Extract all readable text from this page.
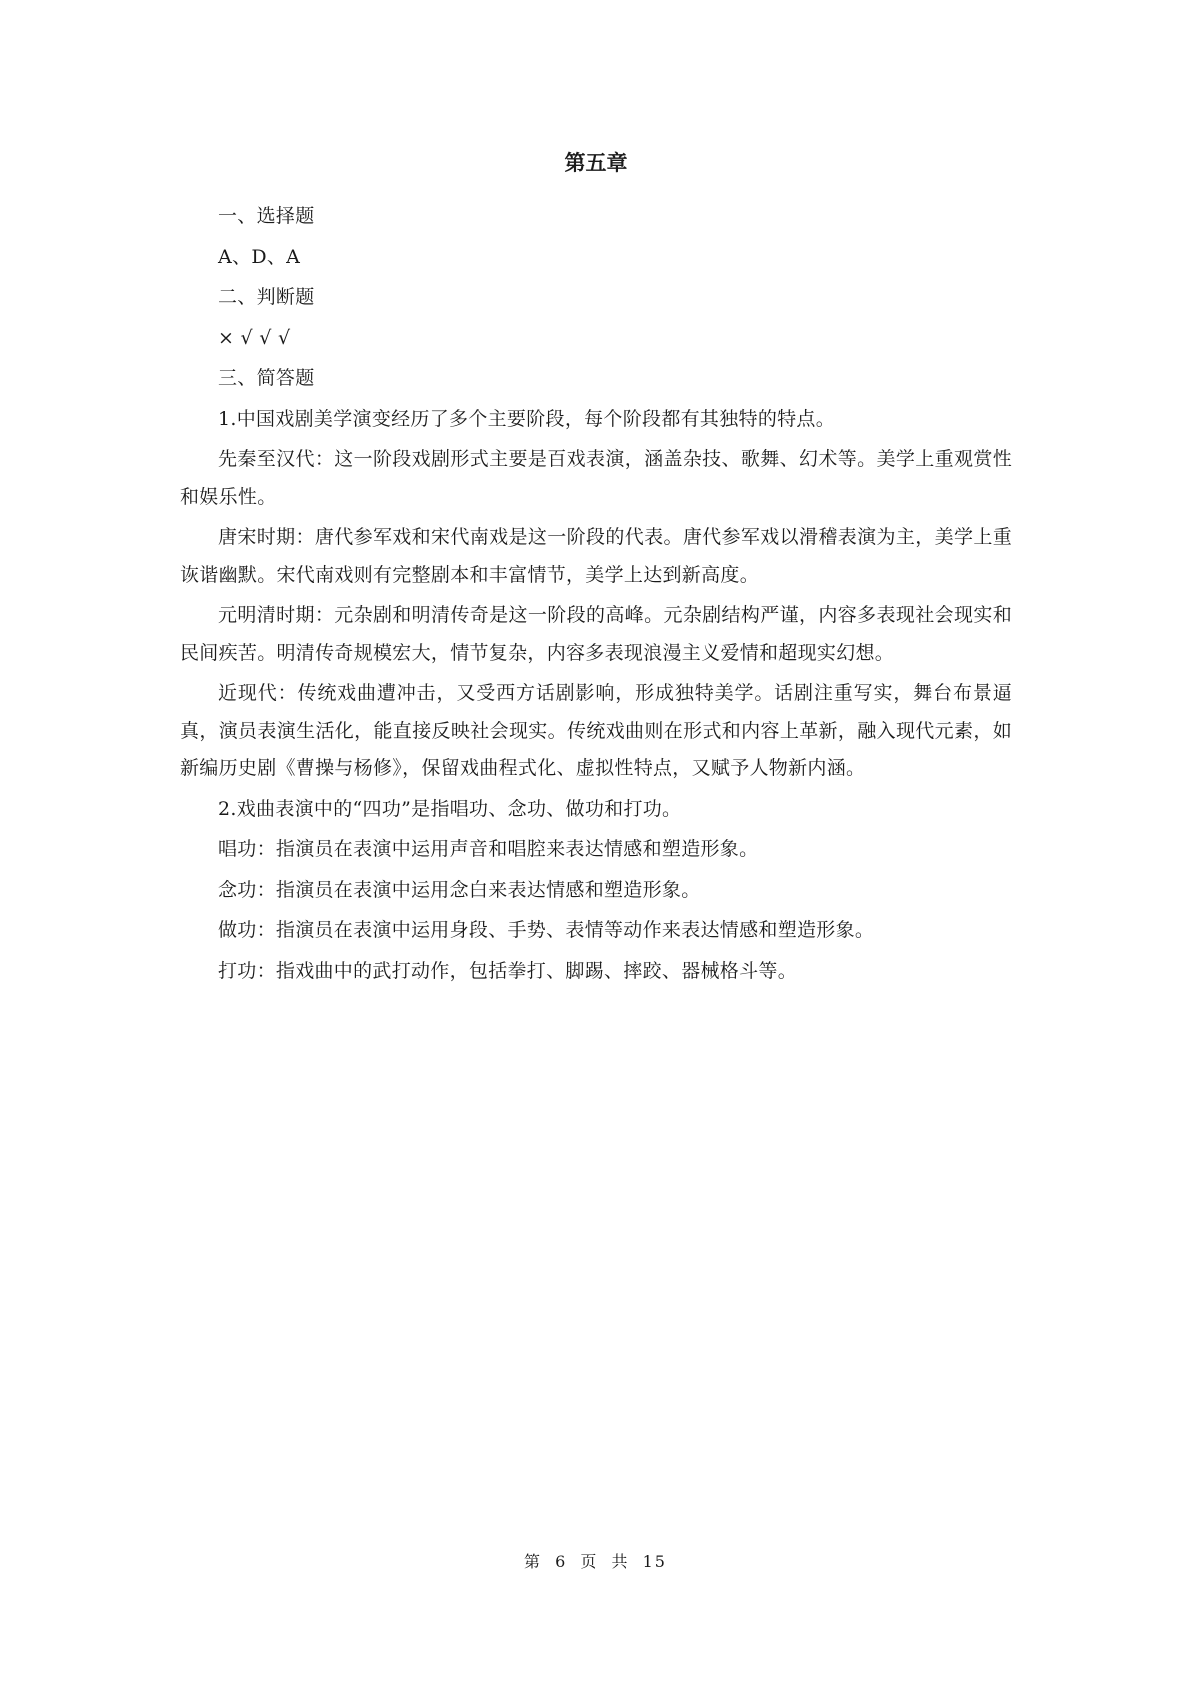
第五章

一、选择题

A、D、A

二、判断题

× √ √ √

三、简答题

1.中国戏剧美学演变经历了多个主要阶段，每个阶段都有其独特的特点。

先秦至汉代：这一阶段戏剧形式主要是百戏表演，涵盖杂技、歌舞、幻术等。美学上重观赏性和娱乐性。

唐宋时期：唐代参军戏和宋代南戏是这一阶段的代表。唐代参军戏以滑稽表演为主，美学上重诙谐幽默。宋代南戏则有完整剧本和丰富情节，美学上达到新高度。

元明清时期：元杂剧和明清传奇是这一阶段的高峰。元杂剧结构严谨，内容多表现社会现实和民间疾苦。明清传奇规模宏大，情节复杂，内容多表现浪漫主义爱情和超现实幻想。

近现代：传统戏曲遭冲击，又受西方话剧影响，形成独特美学。话剧注重写实，舞台布景逼真，演员表演生活化，能直接反映社会现实。传统戏曲则在形式和内容上革新，融入现代元素，如新编历史剧《曹操与杨修》，保留戏曲程式化、虚拟性特点，又赋予人物新内涵。

2.戏曲表演中的“四功”是指唱功、念功、做功和打功。

唱功：指演员在表演中运用声音和唱腔来表达情感和塑造形象。

念功：指演员在表演中运用念白来表达情感和塑造形象。

做功：指演员在表演中运用身段、手势、表情等动作来表达情感和塑造形象。

打功：指戏曲中的武打动作，包括拳打、脚踢、摔跤、器械格斗等。

第 6 页 共 15
